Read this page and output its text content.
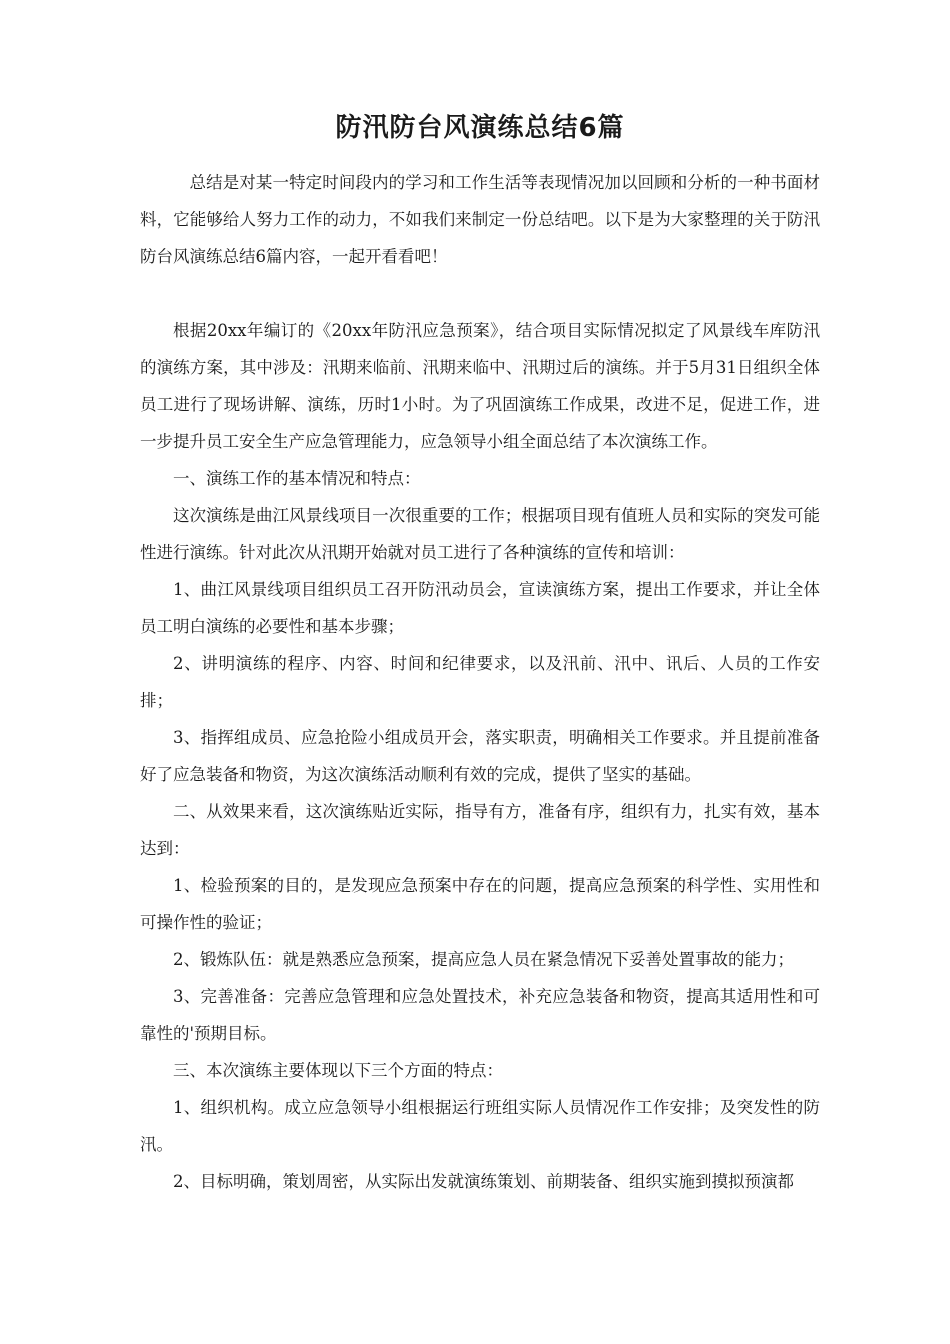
防汛防台风演练总结6篇

总结是对某一特定时间段内的学习和工作生活等表现情况加以回顾和分析的一种书面材料，它能够给人努力工作的动力，不如我们来制定一份总结吧。以下是为大家整理的关于防汛防台风演练总结6篇内容，一起开看看吧！

根据20xx年编订的《20xx年防汛应急预案》，结合项目实际情况拟定了风景线车库防汛的演练方案，其中涉及：汛期来临前、汛期来临中、汛期过后的演练。并于5月31日组织全体员工进行了现场讲解、演练，历时1小时。为了巩固演练工作成果，改进不足，促进工作，进一步提升员工安全生产应急管理能力，应急领导小组全面总结了本次演练工作。

一、演练工作的基本情况和特点：

这次演练是曲江风景线项目一次很重要的工作；根据项目现有值班人员和实际的突发可能性进行演练。针对此次从汛期开始就对员工进行了各种演练的宣传和培训：

1、曲江风景线项目组织员工召开防汛动员会，宣读演练方案，提出工作要求，并让全体员工明白演练的必要性和基本步骤；

2、讲明演练的程序、内容、时间和纪律要求，以及汛前、汛中、讯后、人员的工作安排；

3、指挥组成员、应急抢险小组成员开会，落实职责，明确相关工作要求。并且提前准备好了应急装备和物资，为这次演练活动顺利有效的完成，提供了坚实的基础。

二、从效果来看，这次演练贴近实际，指导有方，准备有序，组织有力，扎实有效，基本达到：

1、检验预案的目的，是发现应急预案中存在的问题，提高应急预案的科学性、实用性和可操作性的验证；

2、锻炼队伍：就是熟悉应急预案，提高应急人员在紧急情况下妥善处置事故的能力；

3、完善准备：完善应急管理和应急处置技术，补充应急装备和物资，提高其适用性和可靠性的'预期目标。

三、本次演练主要体现以下三个方面的特点：

1、组织机构。成立应急领导小组根据运行班组实际人员情况作工作安排；及突发性的防汛。

2、目标明确，策划周密，从实际出发就演练策划、前期装备、组织实施到摸拟预演都
